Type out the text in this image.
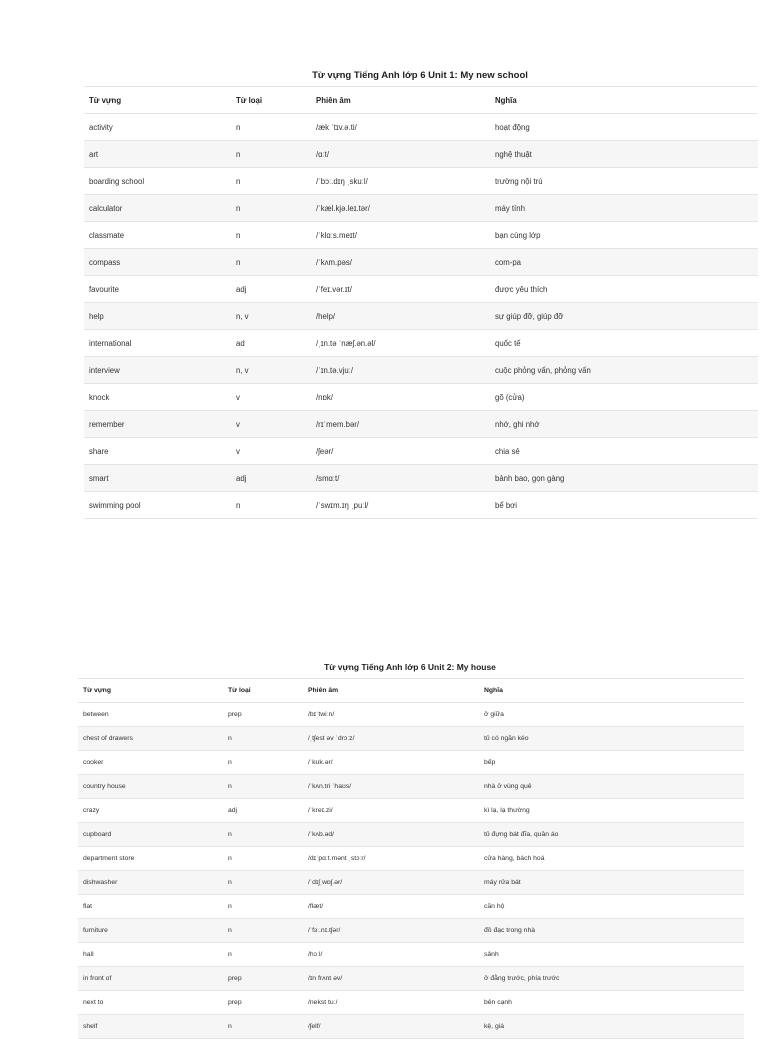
Từ vựng Tiếng Anh lớp 6 Unit 1: My new school
Từ vựng	Từ loại	Phiên âm	Nghĩa
activity	n	/æk ˈtɪv.ə.ti/	hoạt động
art	n	/ɑːt/	nghệ thuật
boarding school	n	/ˈbɔː.dɪŋ ˌskuːl/	trường nội trú
calculator	n	/ˈkæl.kjə.leɪ.tər/	máy tính
classmate	n	/ˈklɑːs.meɪt/	bạn cùng lớp
compass	n	/ˈkʌm.pəs/	com-pa
favourite	adj	/ˈfeɪ.vər.ɪt/	được yêu thích
help	n, v	/help/	sự giúp đỡ, giúp đỡ
international	ad	/ˌɪn.tə ˈnæʃ.ən.əl/	quốc tế
interview	n, v	/ˈɪn.tə.vjuː/	cuộc phỏng vấn, phỏng vấn
knock	v	/nɒk/	gõ (cửa)
remember	v	/rɪˈmem.bər/	nhớ, ghi nhớ
share	v	/ʃeər/	chia sẻ
smart	adj	/smɑːt/	bảnh bao, gọn gàng
swimming pool	n	/ˈswɪm.ɪŋ ˌpuːl/	bể bơi
Từ vựng Tiếng Anh lớp 6 Unit 2: My house
Từ vựng	Từ loại	Phiên âm	Nghĩa
between	prep	/bɪˈtwiːn/	ở giữa
chest of drawers	n	/ˌtʃest əv ˈdrɔːz/	tủ có ngăn kéo
cooker	n	/ˈkʊk.ər/	bếp
country house	n	/ˈkʌn.tri ˈhaʊs/	nhà ở vùng quê
crazy	adj	/ˈkreɪ.zi/	kì lạ, lạ thường
cupboard	n	/ˈkʌb.əd/	tủ đựng bát đĩa, quần áo
department store	n	/dɪˈpɑːt.mənt ˌstɔːr/	cửa hàng, bách hoá
dishwasher	n	/ˈdɪʃˌwɒʃ.ər/	máy rửa bát
flat	n	/flæt/	căn hộ
furniture	n	/ˈfɜː.nɪ.tʃər/	đồ đạc trong nhà
hall	n	/hɔːl/	sảnh
in front of	prep	/ɪn frʌnt əv/	ở đằng trước, phía trước
next to	prep	/nekst tuː/	bên cạnh
shelf	n	/ʃelf/	kệ, giá
